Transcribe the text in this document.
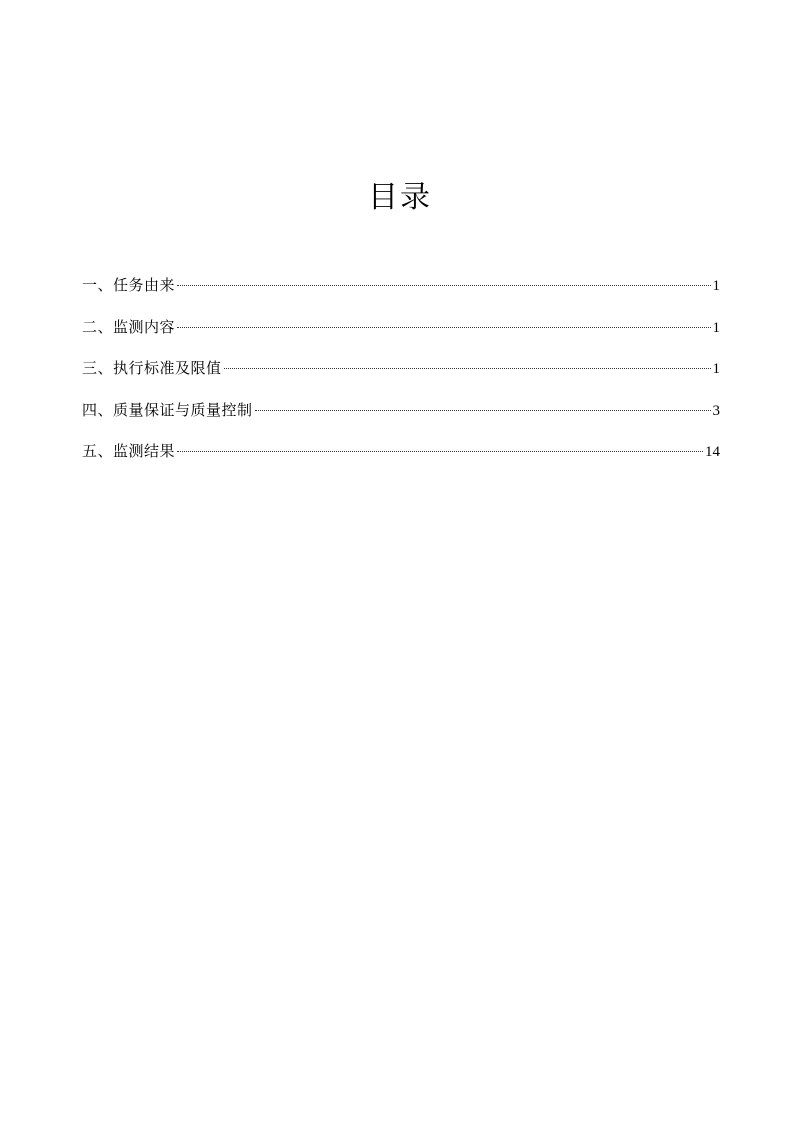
目录
一、任务由来	1
二、监测内容	1
三、执行标准及限值	1
四、质量保证与质量控制	3
五、监测结果	14
